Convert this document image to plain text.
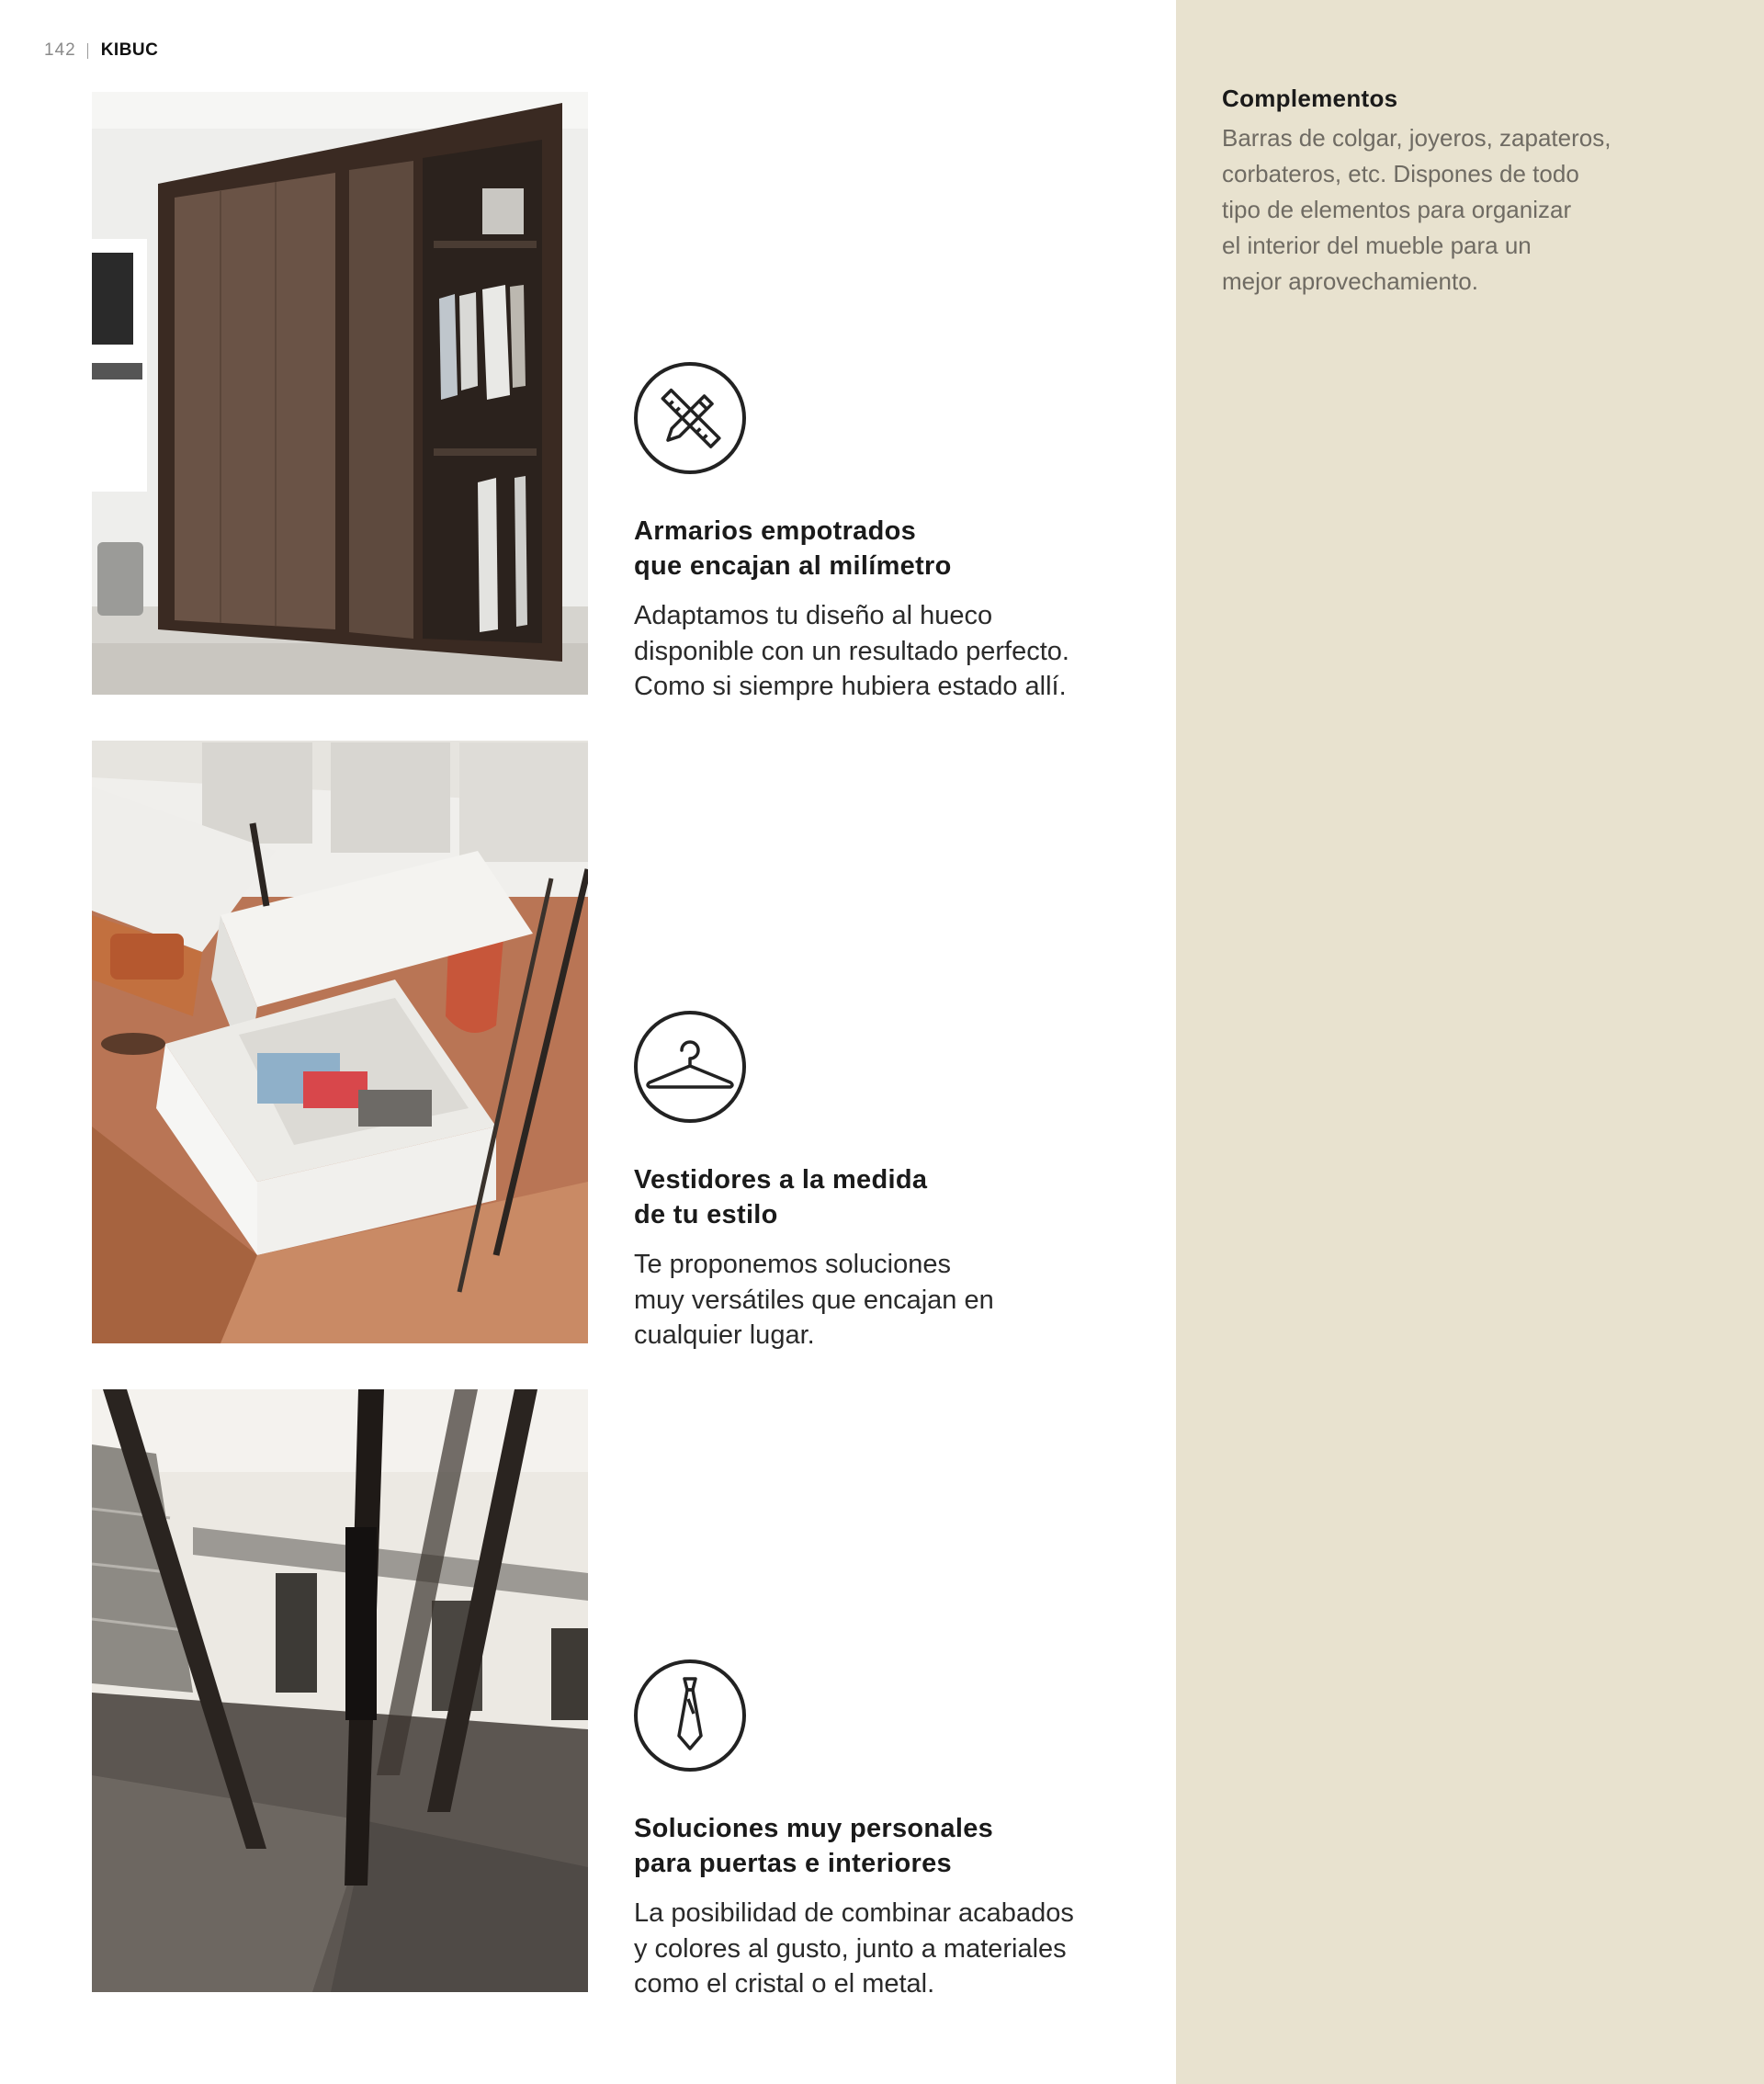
142 KIBUC
Complementos

Barras de colgar, joyeros, zapateros,
corbateros, etc. Dispones de todo
tipo de elementos para organizar
el interior del mueble para un
mejor aprovechamiento.

Armarios empotrados
que encajan al milímetro
Adaptamos tu diseño al hueco
disponible con un resultado perfecto.
Como si siempre hubiera estado allí.
Vestidores a la medida
de tu estilo
Te proponemos soluciones
muy versátiles que encajan en
cualquier lugar.
Soluciones muy personales
para puertas e interiores
La posibilidad de combinar acabados
y colores al gusto, junto a materiales
como el cristal o el metal.
